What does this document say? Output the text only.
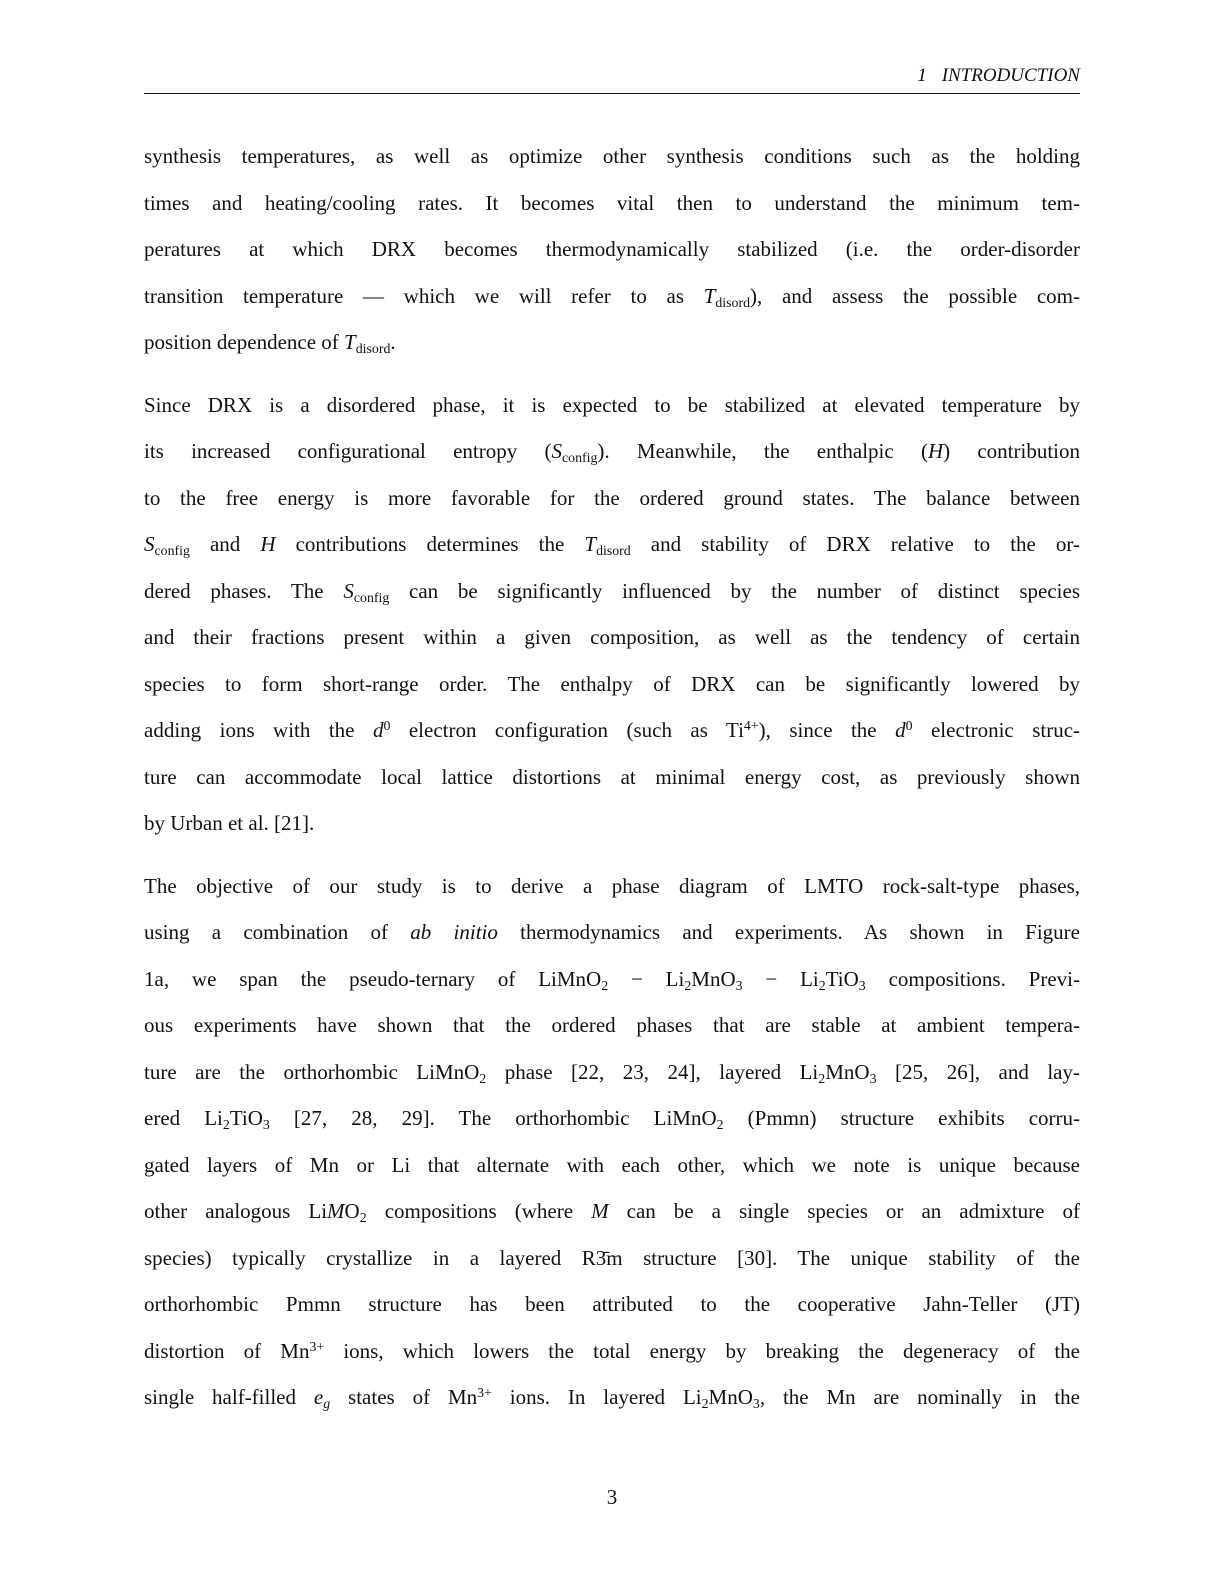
1 INTRODUCTION
synthesis temperatures, as well as optimize other synthesis conditions such as the holding
times and heating/cooling rates. It becomes vital then to understand the minimum tem-
peratures at which DRX becomes thermodynamically stabilized (i.e. the order-disorder
transition temperature — which we will refer to as $T_{disord}$), and assess the possible com-
position dependence of $T_{disord}$.
Since DRX is a disordered phase, it is expected to be stabilized at elevated temperature by
its increased configurational entropy $(S_{config})$. Meanwhile, the enthalpic (H) contribution
to the free energy is more favorable for the ordered ground states. The balance between
$S_{config}$ and H contributions determines the $T_{disord}$ and stability of DRX relative to the or-
dered phases. The $S_{config}$ can be significantly influenced by the number of distinct species
and their fractions present within a given composition, as well as the tendency of certain
species to form short-range order. The enthalpy of DRX can be significantly lowered by
adding ions with the $d^0$ electron configuration (such as $Ti^{4+}$), since the $d^0$ electronic struc-
ture can accommodate local lattice distortions at minimal energy cost, as previously shown
by Urban et al. [21].
The objective of our study is to derive a phase diagram of LMTO rock-salt-type phases,
using a combination of ab initio thermodynamics and experiments. As shown in Figure
1a, we span the pseudo-ternary of LiMnO$_2$ − $Li_2MnO_3 - Li_2TiO_3$ compositions. Previ-
ous experiments have shown that the ordered phases that are stable at ambient tempera-
ture are the orthorhombic LiMnO$_2$ phase [22, 23, 24], layered $Li_2MnO_3$ [25, 26], and lay-
ered $Li_2TiO_3$ [27, 28, 29]. The orthorhombic LiMnO$_2$ (Pmmn) structure exhibits corru-
gated layers of Mn or Li that alternate with each other, which we note is unique because
other analogous LiMO$_2$ compositions (where M can be a single species or an admixture of
species) typically crystallize in a layered R3̄m structure [30]. The unique stability of the
orthorhombic Pmmn structure has been attributed to the cooperative Jahn-Teller (JT)
distortion of $Mn^{3+}$ ions, which lowers the total energy by breaking the degeneracy of the
single half-filled $e_g$ states of $Mn^{3+}$ ions. In layered $Li_2MnO_3$, the Mn are nominally in the
3
